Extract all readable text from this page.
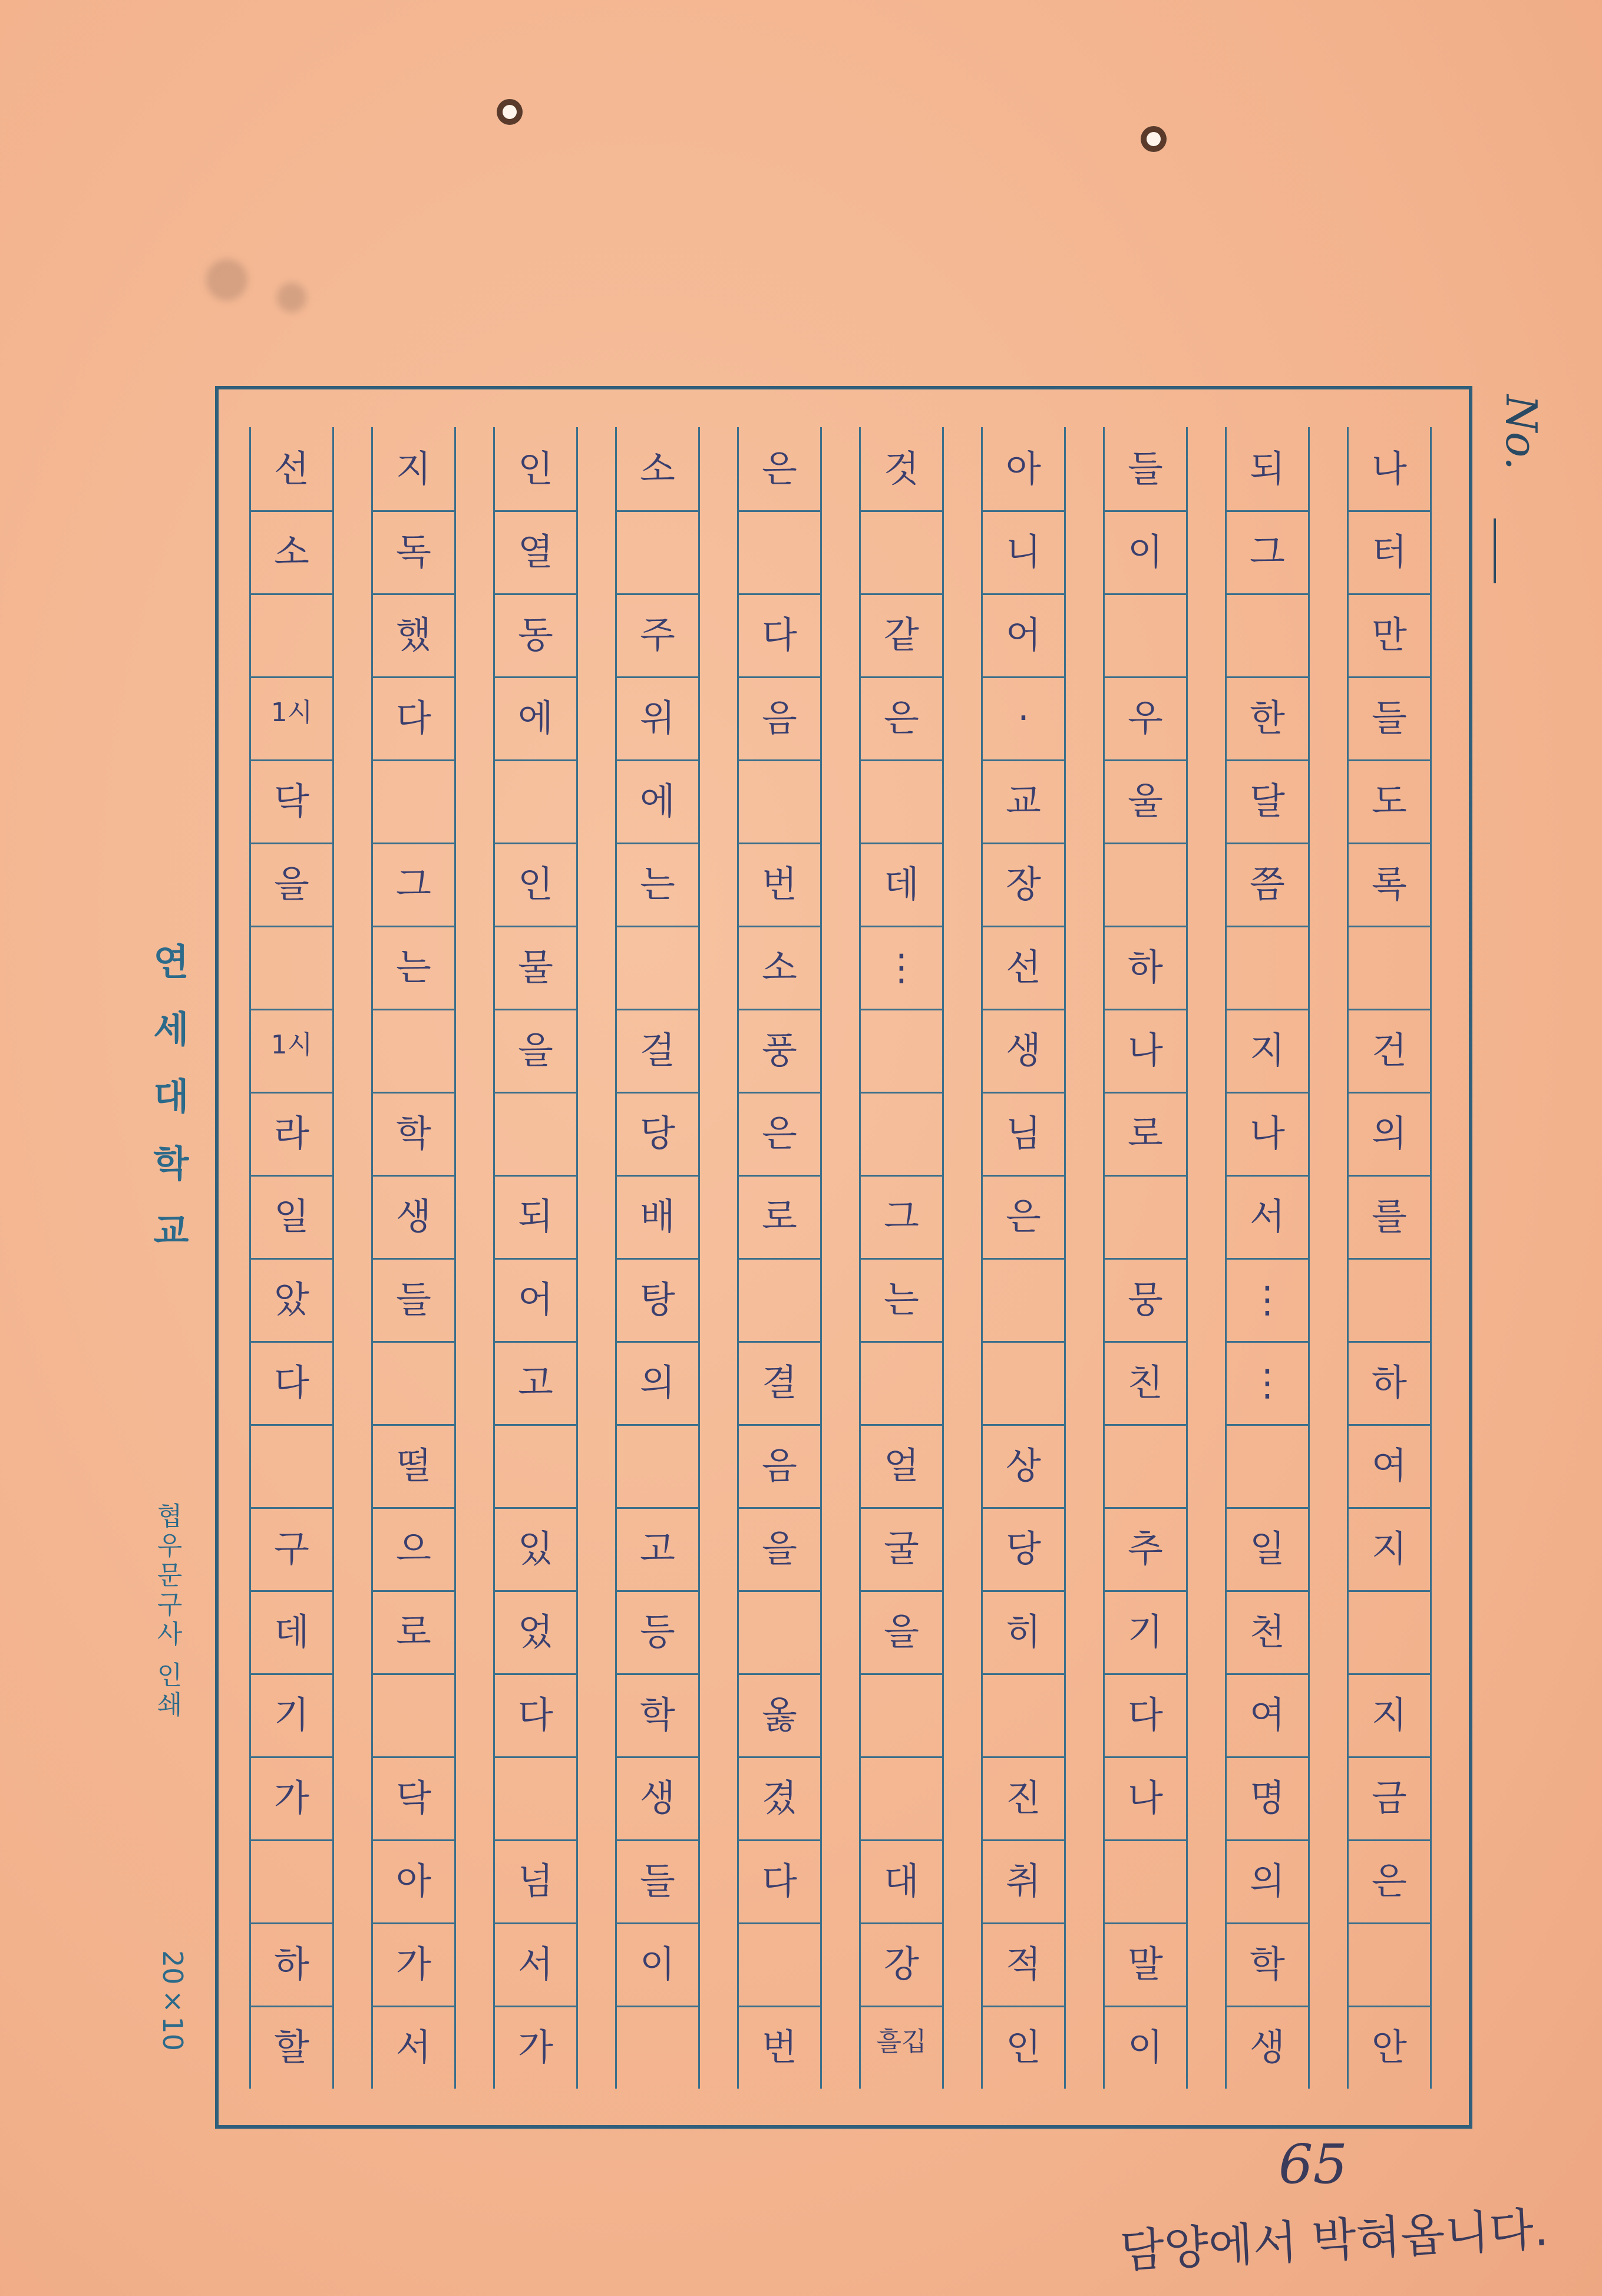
No.
연세대학교
협우문구사 인쇄
20×10
나
터
만
들
도
록
건
의
를
하
여
지
지
금
은
안
되
그
한
달
쯤
지
나
서
⋮
⋮
일
천
여
명
의
학
생
들
이
우
울
하
나
로
뭉
친
추
기
다
나
말
이
아
니
어
·
교
장
선
생
님
은
상
당
히
진
취
적
인
것
같
은
데
⋮
그
는
얼
굴
을
대
강
흘깁
은
다
음
번
소
풍
은
로
결
음
을
옳
겼
다
번
소
주
위
에
는
걸
당
배
탕
의
고
등
학
생
들
이
인
열
동
에
인
물
을
되
어
고
있
었
다
넘
서
가
지
독
했
다
그
는
학
생
들
떨
으
로
닥
아
가
서
선
소
1시
닥
을
1시
라
일
았
다
구
데
기
가
하
할
65
담양에서 박혀옵니다.
